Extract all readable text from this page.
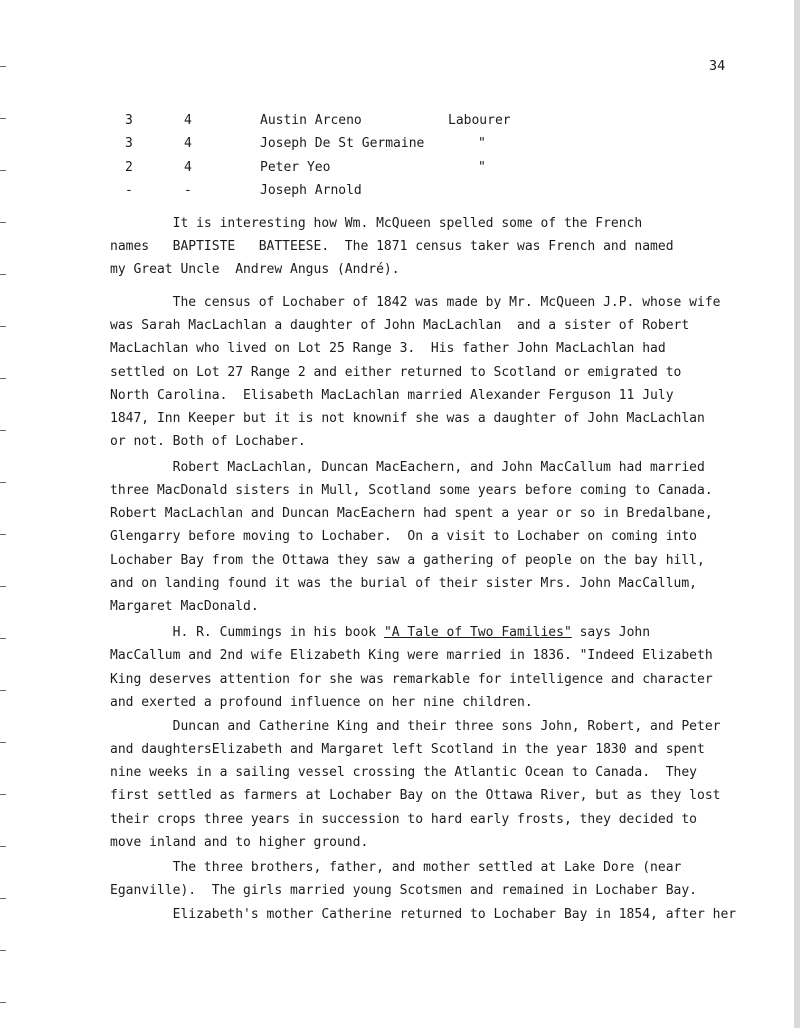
34
3	4	Austin Arceno	Labourer
3	4	Joseph De St Germaine	"
2	4	Peter Yeo	"
-	-	Joseph Arnold
It is interesting how Wm. McQueen spelled some of the French
names   BAPTISTE   BATTEESE.  The 1871 census taker was French and named
my Great Uncle  Andrew Angus (André).
The census of Lochaber of 1842 was made by Mr. McQueen J.P. whose wife
was Sarah MacLachlan a daughter of John MacLachlan  and a sister of Robert
MacLachlan who lived on Lot 25 Range 3.  His father John MacLachlan had
settled on Lot 27 Range 2 and either returned to Scotland or emigrated to
North Carolina.  Elisabeth MacLachlan married Alexander Ferguson 11 July
1847, Inn Keeper but it is not knownif she was a daughter of John MacLachlan
or not. Both of Lochaber.
Robert MacLachlan, Duncan MacEachern, and John MacCallum had married
three MacDonald sisters in Mull, Scotland some years before coming to Canada.
Robert MacLachlan and Duncan MacEachern had spent a year or so in Bredalbane,
Glengarry before moving to Lochaber.  On a visit to Lochaber on coming into
Lochaber Bay from the Ottawa they saw a gathering of people on the bay hill,
and on landing found it was the burial of their sister Mrs. John MacCallum,
Margaret MacDonald.
H. R. Cummings in his book "A Tale of Two Families" says John
MacCallum and 2nd wife Elizabeth King were married in 1836. "Indeed Elizabeth
King deserves attention for she was remarkable for intelligence and character
and exerted a profound influence on her nine children.
Duncan and Catherine King and their three sons John, Robert, and Peter
and daughtersElizabeth and Margaret left Scotland in the year 1830 and spent
nine weeks in a sailing vessel crossing the Atlantic Ocean to Canada.  They
first settled as farmers at Lochaber Bay on the Ottawa River, but as they lost
their crops three years in succession to hard early frosts, they decided to
move inland and to higher ground.
The three brothers, father, and mother settled at Lake Dore (near
Eganville).  The girls married young Scotsmen and remained in Lochaber Bay.
Elizabeth's mother Catherine returned to Lochaber Bay in 1854, after her
